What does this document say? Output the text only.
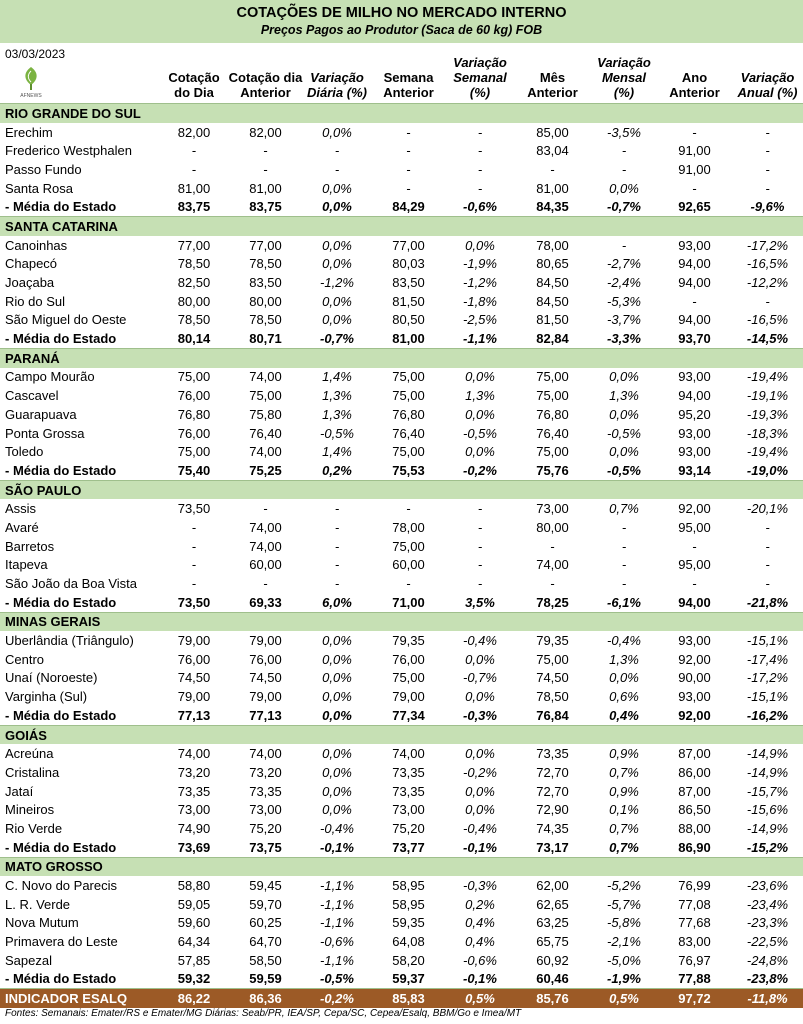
COTAÇÕES DE MILHO NO MERCADO INTERNO
Preços Pagos ao Produtor (Saca de 60 kg) FOB
03/03/2023
AFNEWS
Cotação do Dia
Cotação dia Anterior
Variação Diária (%)
Semana Anterior
Variação Semanal (%)
Mês Anterior
Variação Mensal (%)
Ano Anterior
Variação Anual (%)
RIO GRANDE DO SUL									
Erechim	82,00	82,00	0,0%	-	-	85,00	-3,5%	-	-
Frederico Westphalen	-	-	-	-	-	83,04	-	91,00	-
Passo Fundo	-	-	-	-	-	-	-	91,00	-
Santa Rosa	81,00	81,00	0,0%	-	-	81,00	0,0%	-	-
- Média do Estado	83,75	83,75	0,0%	84,29	-0,6%	84,35	-0,7%	92,65	-9,6%
SANTA CATARINA									
Canoinhas	77,00	77,00	0,0%	77,00	0,0%	78,00	-	93,00	-17,2%
Chapecó	78,50	78,50	0,0%	80,03	-1,9%	80,65	-2,7%	94,00	-16,5%
Joaçaba	82,50	83,50	-1,2%	83,50	-1,2%	84,50	-2,4%	94,00	-12,2%
Rio do Sul	80,00	80,00	0,0%	81,50	-1,8%	84,50	-5,3%	-	-
São Miguel do Oeste	78,50	78,50	0,0%	80,50	-2,5%	81,50	-3,7%	94,00	-16,5%
- Média do Estado	80,14	80,71	-0,7%	81,00	-1,1%	82,84	-3,3%	93,70	-14,5%
PARANÁ									
Campo Mourão	75,00	74,00	1,4%	75,00	0,0%	75,00	0,0%	93,00	-19,4%
Cascavel	76,00	75,00	1,3%	75,00	1,3%	75,00	1,3%	94,00	-19,1%
Guarapuava	76,80	75,80	1,3%	76,80	0,0%	76,80	0,0%	95,20	-19,3%
Ponta Grossa	76,00	76,40	-0,5%	76,40	-0,5%	76,40	-0,5%	93,00	-18,3%
Toledo	75,00	74,00	1,4%	75,00	0,0%	75,00	0,0%	93,00	-19,4%
- Média do Estado	75,40	75,25	0,2%	75,53	-0,2%	75,76	-0,5%	93,14	-19,0%
SÃO PAULO									
Assis	73,50	-	-	-	-	73,00	0,7%	92,00	-20,1%
Avaré	-	74,00	-	78,00	-	80,00	-	95,00	-
Barretos	-	74,00	-	75,00	-	-	-	-	-
Itapeva	-	60,00	-	60,00	-	74,00	-	95,00	-
São João da Boa Vista	-	-	-	-	-	-	-	-	-
- Média do Estado	73,50	69,33	6,0%	71,00	3,5%	78,25	-6,1%	94,00	-21,8%
MINAS GERAIS									
Uberlândia (Triângulo)	79,00	79,00	0,0%	79,35	-0,4%	79,35	-0,4%	93,00	-15,1%
Centro	76,00	76,00	0,0%	76,00	0,0%	75,00	1,3%	92,00	-17,4%
Unaí (Noroeste)	74,50	74,50	0,0%	75,00	-0,7%	74,50	0,0%	90,00	-17,2%
Varginha (Sul)	79,00	79,00	0,0%	79,00	0,0%	78,50	0,6%	93,00	-15,1%
- Média do Estado	77,13	77,13	0,0%	77,34	-0,3%	76,84	0,4%	92,00	-16,2%
GOIÁS									
Acreúna	74,00	74,00	0,0%	74,00	0,0%	73,35	0,9%	87,00	-14,9%
Cristalina	73,20	73,20	0,0%	73,35	-0,2%	72,70	0,7%	86,00	-14,9%
Jataí	73,35	73,35	0,0%	73,35	0,0%	72,70	0,9%	87,00	-15,7%
Mineiros	73,00	73,00	0,0%	73,00	0,0%	72,90	0,1%	86,50	-15,6%
Rio Verde	74,90	75,20	-0,4%	75,20	-0,4%	74,35	0,7%	88,00	-14,9%
- Média do Estado	73,69	73,75	-0,1%	73,77	-0,1%	73,17	0,7%	86,90	-15,2%
MATO GROSSO									
C. Novo do Parecis	58,80	59,45	-1,1%	58,95	-0,3%	62,00	-5,2%	76,99	-23,6%
L. R. Verde	59,05	59,70	-1,1%	58,95	0,2%	62,65	-5,7%	77,08	-23,4%
Nova Mutum	59,60	60,25	-1,1%	59,35	0,4%	63,25	-5,8%	77,68	-23,3%
Primavera do Leste	64,34	64,70	-0,6%	64,08	0,4%	65,75	-2,1%	83,00	-22,5%
Sapezal	57,85	58,50	-1,1%	58,20	-0,6%	60,92	-5,0%	76,97	-24,8%
- Média do Estado	59,32	59,59	-0,5%	59,37	-0,1%	60,46	-1,9%	77,88	-23,8%
INDICADOR ESALQ	86,22	86,36	-0,2%	85,83	0,5%	85,76	0,5%	97,72	-11,8%
Fontes: Semanais: Emater/RS e Emater/MG Diárias: Seab/PR, IEA/SP, Cepa/SC, Cepea/Esalq, BBM/Go e Imea/MT
